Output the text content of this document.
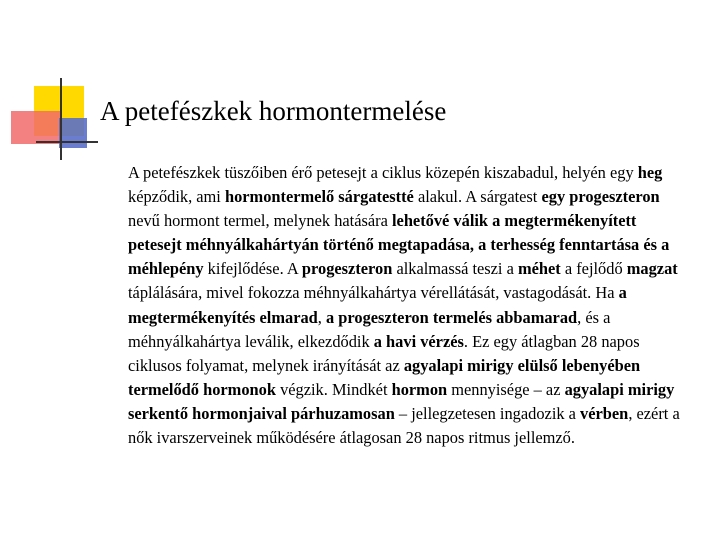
A petefészkek hormontermelése

A petefészkek tüszőiben érő petesejt a ciklus közepén kiszabadul, helyén egy heg képződik, ami hormontermelő sárgatestté alakul. A sárgatest egy progeszteron nevű hormont termel, melynek hatására lehetővé válik a megtermékenyített petesejt méhnyálkahártyán történő megtapadása, a terhesség fenntartása és a méhlepény kifejlődése. A progeszteron alkalmassá teszi a méhet a fejlődő magzat táplálására, mivel fokozza méhnyálkahártya vérellátását, vastagodását. Ha a megtermékenyítés elmarad, a progeszteron termelés abbamarad, és a méhnyálkahártya leválik, elkezdődik a havi vérzés. Ez egy átlagban 28 napos ciklusos folyamat, melynek irányítását az agyalapi mirigy elülső lebenyében termelődő hormonok végzik. Mindkét hormon mennyisége – az agyalapi mirigy serkentő hormonjaival párhuzamosan – jellegzetesen ingadozik a vérben, ezért a nők ivarszerveinek működésére átlagosan 28 napos ritmus jellemző.
